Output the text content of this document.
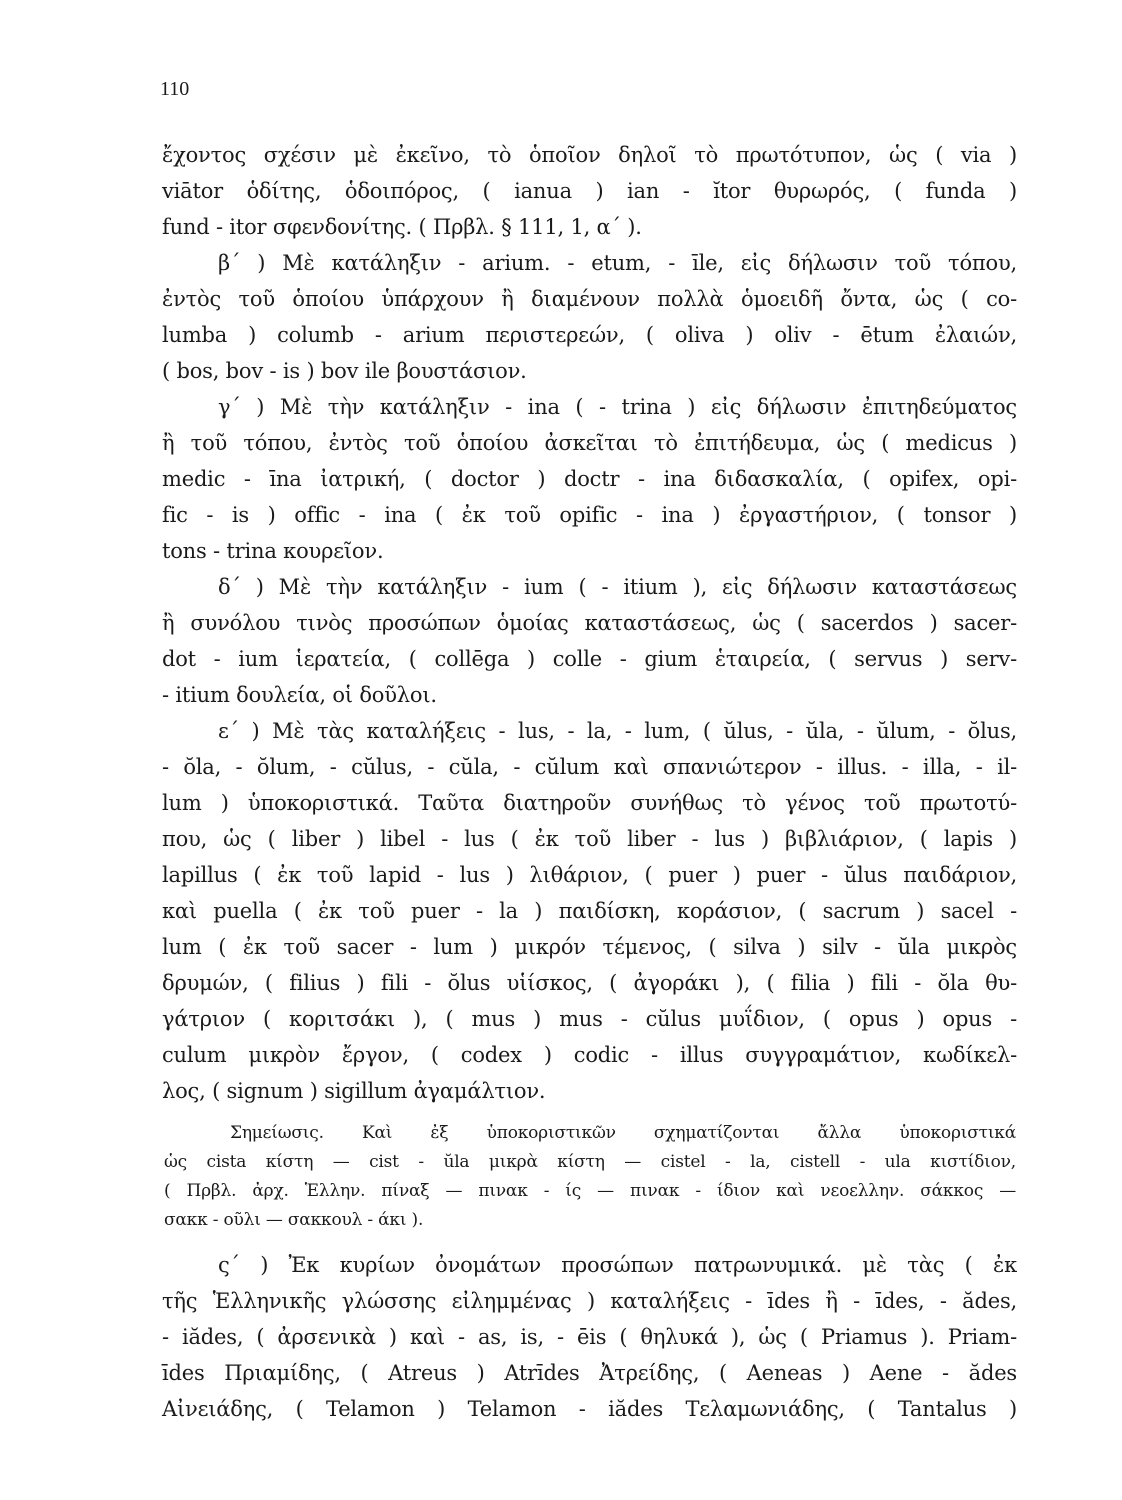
110
ἔχοντος σχέσιν μὲ ἐκεῖνο, τὸ ὁποῖον δηλοῖ τὸ πρωτότυπον, ὡς ( via )
viātor ὁδίτης, ὁδοιπόρος, ( ianua ) ian - ĭtor θυρωρός, ( funda )
fund - itor σφενδονίτης. ( Πρβλ. § 111, 1, α΄ ).
β΄ ) Μὲ κατάληξιν - arium. - etum, - īle, εἰς δήλωσιν τοῦ τόπου,
ἐντὸς τοῦ ὁποίου ὑπάρχουν ἢ διαμένουν πολλὰ ὁμοειδῆ ὄντα, ὡς ( co-
lumba ) columb - arium περιστερεών, ( oliva ) oliv - ētum ἐλαιών,
( bos, bov - is ) bov ile βουστάσιον.
γ΄ ) Μὲ τὴν κατάληξιν - ina ( - trina ) εἰς δήλωσιν ἐπιτηδεύματος
ἢ τοῦ τόπου, ἐντὸς τοῦ ὁποίου ἀσκεῖται τὸ ἐπιτήδευμα, ὡς ( medicus )
medic - īna ἰατρική, ( doctor ) doctr - ina διδασκαλία, ( opifex, opi-
fic - is ) offic - ina ( ἐκ τοῦ opific - ina ) ἐργαστήριον, ( tonsor )
tons - trina κουρεῖον.
δ΄ ) Μὲ τὴν κατάληξιν - ium ( - itium ), εἰς δήλωσιν καταστάσεως
ἢ συνόλου τινὸς προσώπων ὁμοίας καταστάσεως, ὡς ( sacerdos ) sacer-
dot - ium ἱερατεία, ( collēga ) colle - gium ἑταιρεία, ( servus ) serv-
- itium δουλεία, οἱ δοῦλοι.
ε΄ ) Μὲ τὰς καταλήξεις - lus, - la, - lum, ( ŭlus, - ŭla, - ŭlum, - ŏlus,
- ŏla, - ŏlum, - cŭlus, - cŭla, - cŭlum καὶ σπανιώτερον - illus. - illa, - il-
lum ) ὑποκοριστικά. Ταῦτα διατηροῦν συνήθως τὸ γένος τοῦ πρωτοτύ-
που, ὡς ( liber ) libel - lus ( ἐκ τοῦ liber - lus ) βιβλιάριον, ( lapis )
lapillus ( ἐκ τοῦ lapid - lus ) λιθάριον, ( puer ) puer - ŭlus παιδάριον,
καὶ puella ( ἐκ τοῦ puer - la ) παιδίσκη, κοράσιον, ( sacrum ) sacel -
lum ( ἐκ τοῦ sacer - lum ) μικρόν τέμενος, ( silva ) silv - ŭla μικρὸς
δρυμών, ( filius ) fili - ŏlus υἱίσκος, ( ἀγοράκι ), ( filia ) fili - ŏla θυ-
γάτριον ( κοριτσάκι ), ( mus ) mus - cŭlus μυΐδιον, ( opus ) opus -
culum μικρὸν ἔργον, ( codex ) codic - illus συγγραμάτιον, κωδίκελ-
λος, ( signum ) sigillum ἀγαμάλτιον.
Σημείωσις. Καὶ ἐξ ὑποκοριστικῶν σχηματίζονται ἄλλα ὑποκοριστικά
ὡς cista κίστη — cist - ŭla μικρὰ κίστη — cistel - la, cistell - ula κιστίδιον,
( Πρβλ. ἀρχ. Ἑλλην. πίναξ — πινακ - ίς — πινακ - ίδιον καὶ νεοελλην. σάκκος —
σακκ - οῦλι — σακκουλ - άκι ).
ς΄ ) Ἐκ κυρίων ὀνομάτων προσώπων πατρωνυμικά. μὲ τὰς ( ἐκ
τῆς Ἑλληνικῆς γλώσσης εἰλημμένας ) καταλήξεις - īdes ἢ - īdes, - ădes,
- iădes, ( ἀρσενικὰ ) καὶ - as, is, - ēis ( θηλυκά ), ὡς ( Priamus ). Priam-
īdes Πριαμίδης, ( Atreus ) Atrīdes Ἀτρείδης, ( Aeneas ) Aene - ădes
Αἰνειάδης, ( Telamon ) Telamon - iădes Τελαμωνιάδης, ( Tantalus )
